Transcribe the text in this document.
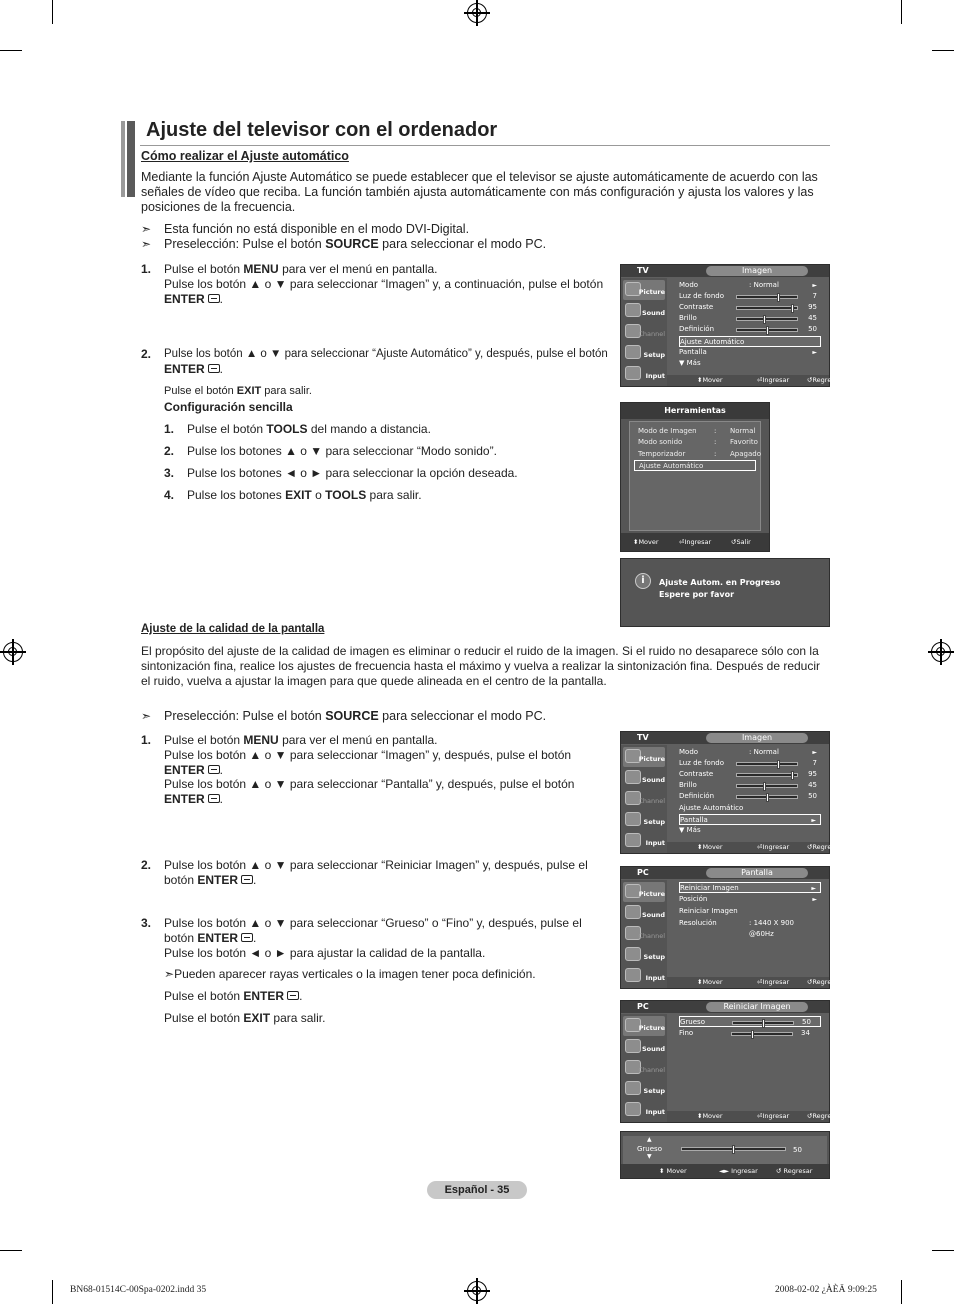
Ajuste del televisor con el ordenador
Cómo realizar el Ajuste automático
Mediante la función Ajuste Automático se puede establecer que el televisor se ajuste automáticamente de acuerdo con las señales de vídeo que reciba. La función también ajusta automáticamente con más configuración y ajusta los valores y las posiciones de la frecuencia.
➣ Esta función no está disponible en el modo DVI-Digital.
➣ Preselección: Pulse el botón SOURCE para seleccionar el modo PC.
1. Pulse el botón MENU para ver el menú en pantalla.
Pulse los botón ▲ o ▼ para seleccionar “Imagen” y, a continuación, pulse el botón
ENTER .
2. Pulse los botón ▲ o ▼ para seleccionar “Ajuste Automático” y, después, pulse el botón
ENTER .
Pulse el botón EXIT para salir.
Configuración sencilla
1. Pulse el botón TOOLS del mando a distancia.
2. Pulse los botones ▲ o ▼ para seleccionar “Modo sonido”.
3. Pulse los botones ◄ o ► para seleccionar la opción deseada.
4. Pulse los botones EXIT o TOOLS para salir.
TV	Imagen
Picture
Sound
Channel
Setup
Input
Modo	: Normal	►
Luz de fondo	7
Contraste	95
Brillo	45
Definición	50
Ajuste Automático
Pantalla	►
▼ Más
⬍ Mover	⏎ Ingresar	↺ Regresar
Herramientas
Modo de Imagen : Normal
Modo sonido	: Favorito
Temporizador	: Apagado
Ajuste Automático
⬍ Mover	⏎ Ingresar	↺ Salir
i	Ajuste Autom. en Progreso
Espere por favor
Ajuste de la calidad de la pantalla
El propósito del ajuste de la calidad de imagen es eliminar o reducir el ruido de la imagen. Si el ruido no desaparece sólo con la sintonización fina, realice los ajustes de frecuencia hasta el máximo y vuelva a realizar la sintonización fina. Después de reducir el ruido, vuelva a ajustar la imagen para que quede alineada en el centro de la pantalla.
➣ Preselección: Pulse el botón SOURCE para seleccionar el modo PC.
1. Pulse el botón MENU para ver el menú en pantalla.
Pulse los botón ▲ o ▼ para seleccionar “Imagen” y, después, pulse el botón
ENTER .
Pulse los botón ▲ o ▼ para seleccionar “Pantalla” y, después, pulse el botón
ENTER .
2. Pulse los botón ▲ o ▼ para seleccionar “Reiniciar Imagen” y, después, pulse el
botón ENTER .
3. Pulse los botón ▲ o ▼ para seleccionar “Grueso” o “Fino” y, después, pulse el
botón ENTER .
Pulse los botón ◄ o ► para ajustar la calidad de la pantalla.
➣Pueden aparecer rayas verticales o la imagen tener poca definición.
Pulse el botón ENTER .
Pulse el botón EXIT para salir.
TV	Imagen
Picture
Sound
Channel
Setup
Input
Modo	: Normal	►
Luz de fondo	7
Contraste	95
Brillo	45
Definición	50
Ajuste Automático
Pantalla	►
▼ Más
⬍ Mover	⏎ Ingresar	↺ Regresar
PC	Pantalla
Picture
Sound
Channel
Setup
Input
Reiniciar Imagen	►
Posición	►
Reiniciar Imagen
Resolución	: 1440 X 900 @60Hz
⬍ Mover	⏎ Ingresar	↺ Regresar
PC	Reiniciar Imagen
Picture
Sound
Channel
Setup
Input
Grueso	50
Fino	34
⬍ Mover	⏎ Ingresar	↺ Regresar
▲
Grueso
▼
50
⬍ Mover	◄► Ingresar	↺ Regresar
Español - 35
BN68-01514C-00Spa-0202.indd 35	2008-02-02 ¿ÀÈÄ 9:09:25
